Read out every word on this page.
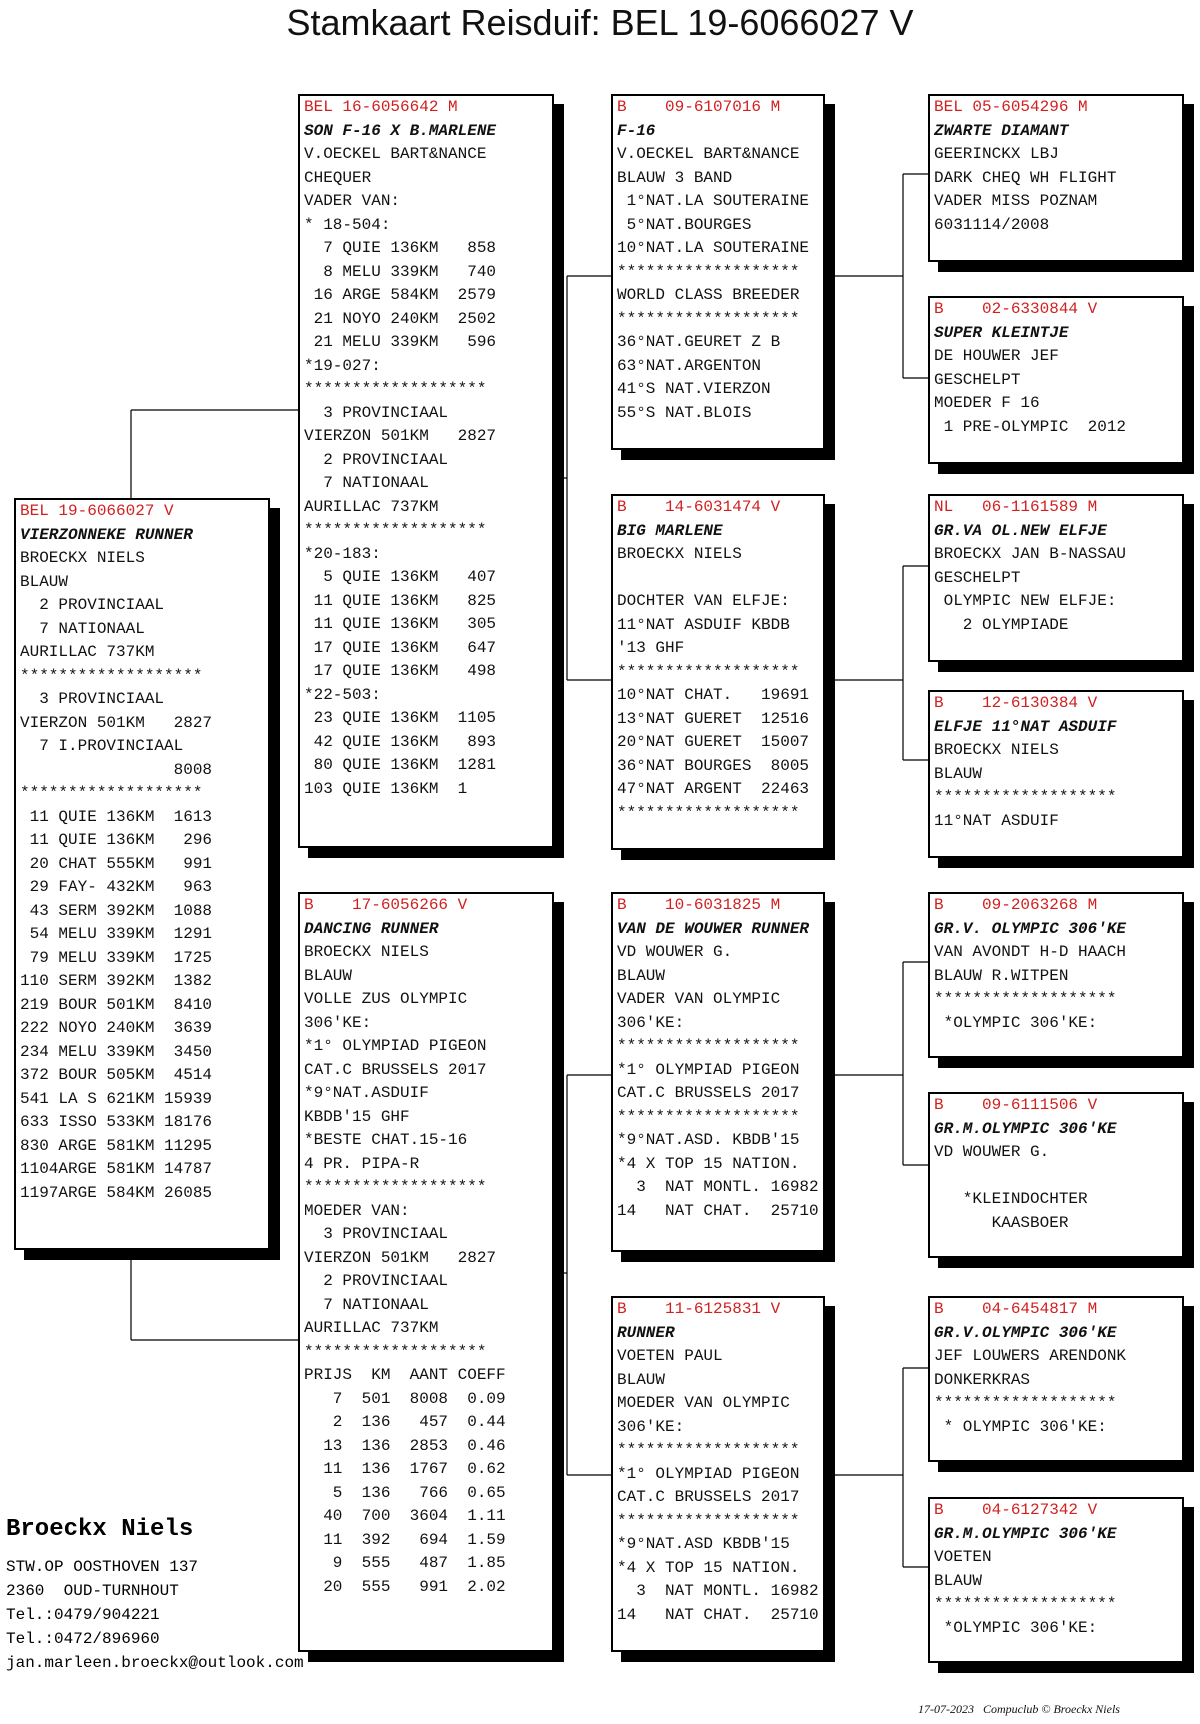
Stamkaart Reisduif: BEL 19-6066027 V
BEL 19-6066027 V
VIERZONNEKE RUNNER
BROECKX NIELS
BLAUW
2 PROVINCIAAL
7 NATIONAAL
AURILLAC 737KM
*******************
3 PROVINCIAAL
VIERZON 501KM   2827
7 I.PROVINCIAAL
8008
*******************
11 QUIE 136KM  1613
11 QUIE 136KM   296
20 CHAT 555KM   991
29 FAY- 432KM   963
43 SERM 392KM  1088
54 MELU 339KM  1291
79 MELU 339KM  1725
110 SERM 392KM  1382
219 BOUR 501KM  8410
222 NOYO 240KM  3639
234 MELU 339KM  3450
372 BOUR 505KM  4514
541 LA S 621KM 15939
633 ISSO 533KM 18176
830 ARGE 581KM 11295
1104ARGE 581KM 14787
1197ARGE 584KM 26085
BEL 16-6056642 M
SON F-16 X B.MARLENE
V.OECKEL BART&NANCE
CHEQUER
VADER VAN:
* 18-504:
7 QUIE 136KM   858
8 MELU 339KM   740
16 ARGE 584KM  2579
21 NOYO 240KM  2502
21 MELU 339KM   596
*19-027:
*******************
3 PROVINCIAAL
VIERZON 501KM   2827
2 PROVINCIAAL
7 NATIONAAL
AURILLAC 737KM
*******************
*20-183:
5 QUIE 136KM   407
11 QUIE 136KM   825
11 QUIE 136KM   305
17 QUIE 136KM   647
17 QUIE 136KM   498
*22-503:
23 QUIE 136KM  1105
42 QUIE 136KM   893
80 QUIE 136KM  1281
103 QUIE 136KM  1
B    17-6056266 V
DANCING RUNNER
BROECKX NIELS
BLAUW
VOLLE ZUS OLYMPIC
306'KE:
*1° OLYMPIAD PIGEON
CAT.C BRUSSELS 2017
*9°NAT.ASDUIF
KBDB'15 GHF
*BESTE CHAT.15-16
4 PR. PIPA-R
*******************
MOEDER VAN:
3 PROVINCIAAL
VIERZON 501KM   2827
2 PROVINCIAAL
7 NATIONAAL
AURILLAC 737KM
*******************
PRIJS  KM  AANT COEFF
7  501  8008  0.09
2  136   457  0.44
13  136  2853  0.46
11  136  1767  0.62
5  136   766  0.65
40  700  3604  1.11
11  392   694  1.59
9  555   487  1.85
20  555   991  2.02
B    09-6107016 M
F-16
V.OECKEL BART&NANCE
BLAUW 3 BAND
1°NAT.LA SOUTERAINE
5°NAT.BOURGES
10°NAT.LA SOUTERAINE
*******************
WORLD CLASS BREEDER
*******************
36°NAT.GEURET Z B
63°NAT.ARGENTON
41°S NAT.VIERZON
55°S NAT.BLOIS
B    14-6031474 V
BIG MARLENE
BROECKX NIELS
DOCHTER VAN ELFJE:
11°NAT ASDUIF KBDB
'13 GHF
*******************
10°NAT CHAT.   19691
13°NAT GUERET  12516
20°NAT GUERET  15007
36°NAT BOURGES  8005
47°NAT ARGENT  22463
*******************
B    10-6031825 M
VAN DE WOUWER RUNNER
VD WOUWER G.
BLAUW
VADER VAN OLYMPIC
306'KE:
*******************
*1° OLYMPIAD PIGEON
CAT.C BRUSSELS 2017
*******************
*9°NAT.ASD. KBDB'15
*4 X TOP 15 NATION.
3  NAT MONTL. 16982
14   NAT CHAT.  25710
B    11-6125831 V
RUNNER
VOETEN PAUL
BLAUW
MOEDER VAN OLYMPIC
306'KE:
*******************
*1° OLYMPIAD PIGEON
CAT.C BRUSSELS 2017
*******************
*9°NAT.ASD KBDB'15
*4 X TOP 15 NATION.
3  NAT MONTL. 16982
14   NAT CHAT.  25710
BEL 05-6054296 M
ZWARTE DIAMANT
GEERINCKX LBJ
DARK CHEQ WH FLIGHT
VADER MISS POZNAM
6031114/2008
B    02-6330844 V
SUPER KLEINTJE
DE HOUWER JEF
GESCHELPT
MOEDER F 16
1 PRE-OLYMPIC  2012
NL   06-1161589 M
GR.VA OL.NEW ELFJE
BROECKX JAN B-NASSAU
GESCHELPT
OLYMPIC NEW ELFJE:
2 OLYMPIADE
B    12-6130384 V
ELFJE 11°NAT ASDUIF
BROECKX NIELS
BLAUW
*******************
11°NAT ASDUIF
B    09-2063268 M
GR.V. OLYMPIC 306'KE
VAN AVONDT H-D HAACH
BLAUW R.WITPEN
*******************
*OLYMPIC 306'KE:
B    09-6111506 V
GR.M.OLYMPIC 306'KE
VD WOUWER G.
*KLEINDOCHTER
KAASBOER
B    04-6454817 M
GR.V.OLYMPIC 306'KE
JEF LOUWERS ARENDONK
DONKERKRAS
*******************
* OLYMPIC 306'KE:
B    04-6127342 V
GR.M.OLYMPIC 306'KE
VOETEN
BLAUW
*******************
*OLYMPIC 306'KE:
Broeckx Niels
STW.OP OOSTHOVEN 137
2360  OUD-TURNHOUT
Tel.:0479/904221
Tel.:0472/896960
jan.marleen.broeckx@outlook.com
17-07-2023   Compuclub © Broeckx Niels
